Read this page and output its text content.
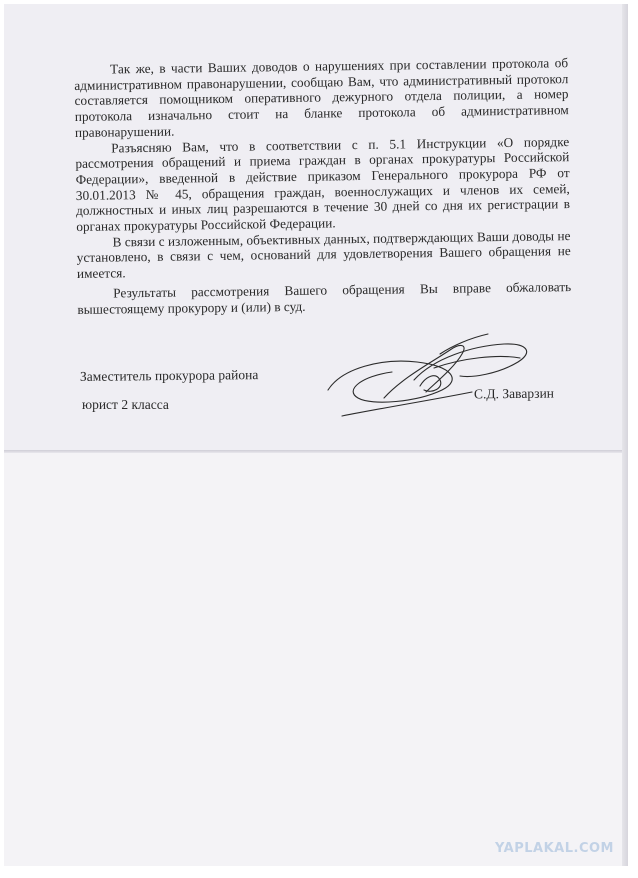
Так же, в части Ваших доводов о нарушениях при составлении протокола об административном правонарушении, сообщаю Вам, что административный протокол составляется помощником оперативного дежурного отдела полиции, а номер протокола изначально стоит на бланке протокола об административном правонарушении.

Разъясняю Вам, что в соответствии с п. 5.1 Инструкции «О порядке рассмотрения обращений и приема граждан в органах прокуратуры Российской Федерации», введенной в действие приказом Генерального прокурора РФ от 30.01.2013 № 45, обращения граждан, военнослужащих и членов их семей, должностных и иных лиц разрешаются в течение 30 дней со дня их регистрации в органах прокуратуры Российской Федерации.

В связи с изложенным, объективных данных, подтверждающих Ваши доводы не установлено, в связи с чем, оснований для удовлетворения Вашего обращения не имеется.

Результаты рассмотрения Вашего обращения Вы вправе обжаловать вышестоящему прокурору и (или) в суд.

Заместитель прокурора района
юрист 2 класса
С.Д. Заварзин
YAPLAKAL.COM
